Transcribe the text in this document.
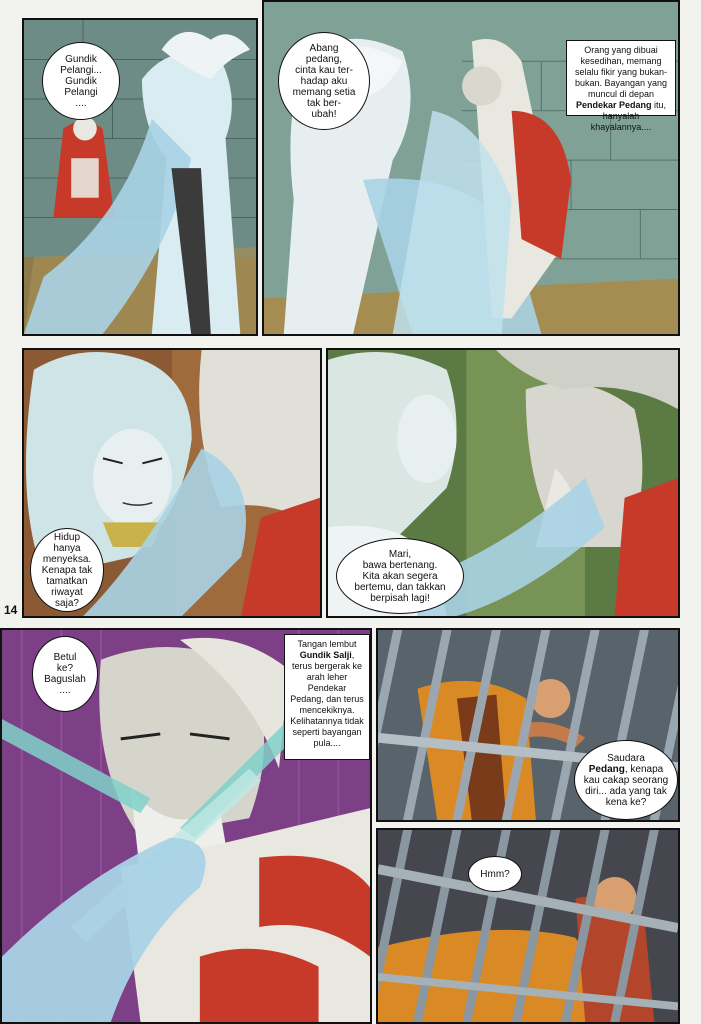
Gundik
Pelangi...
Gundik
Pelangi
....
Abang
pedang,
cinta kau ter-
hadap aku
memang setia
tak ber-
ubah!
Orang yang dibuai kesedihan, memang selalu fikir yang bukan-bukan. Bayangan yang muncul di depan Pendekar Pedang itu, hanyalah khayalannya....
Hidup
hanya
menyeksa.
Kenapa tak
tamatkan
riwayat
saja?
Mari,
bawa bertenang.
Kita akan segera
bertemu, dan takkan
berpisah lagi!
14
Betul
ke?
Baguslah
....
Tangan lembut Gundik Salji, terus bergerak ke arah leher Pendekar Pedang, dan terus mencekiknya. Kelihatannya tidak seperti bayangan pula....
Saudara
Pedang, kenapa
kau cakap seorang
diri... ada yang tak
kena ke?
Hmm?
